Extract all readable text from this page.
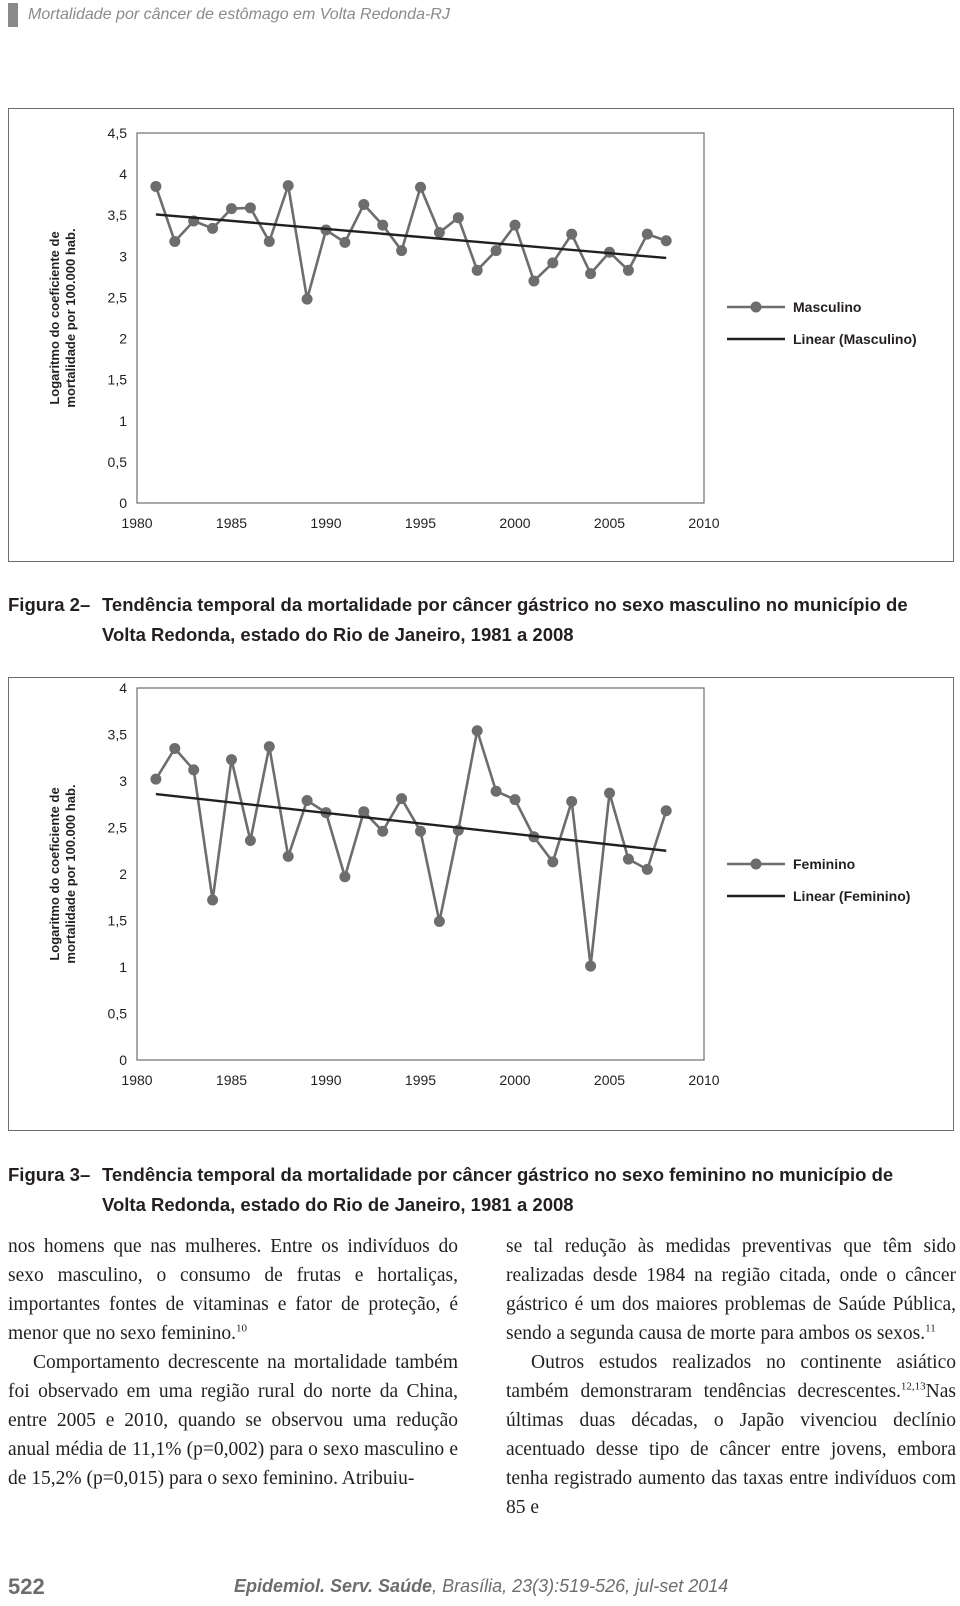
Mortalidade por câncer de estômago em Volta Redonda-RJ
Logaritmo do coeficiente de mortalidade por 100.000 hab.
0
0,5
1
1,5
2
2,5
3
3,5
4
4,5
1980	1985	1990	1995	2000	2005	2010
Masculino
Linear (Masculino)
Figura 2 – Tendência temporal da mortalidade por câncer gástrico no sexo masculino no município de Volta Redonda, estado do Rio de Janeiro, 1981 a 2008
Logaritmo do coeficiente de mortalidade por 100.000 hab.
0
0,5
1
1,5
2
2,5
3
3,5
4
1980	1985	1990	1995	2000	2005	2010
Feminino
Linear (Feminino)
Figura 3 – Tendência temporal da mortalidade por câncer gástrico no sexo feminino no município de Volta Redonda, estado do Rio de Janeiro, 1981 a 2008

nos homens que nas mulheres. Entre os indivíduos do sexo masculino, o consumo de frutas e hortaliças, importantes fontes de vitaminas e fator de proteção, é menor que no sexo feminino.$^{10}$

Comportamento decrescente na mortalidade também foi observado em uma região rural do norte da China, entre 2005 e 2010, quando se observou uma redução anual média de 11,1% (p=0,002) para o sexo masculino e de 15,2% (p=0,015) para o sexo feminino. Atribuiu-

se tal redução às medidas preventivas que têm sido realizadas desde 1984 na região citada, onde o câncer gástrico é um dos maiores problemas de Saúde Pública, sendo a segunda causa de morte para ambos os sexos.$^{11}$

Outros estudos realizados no continente asiático também demonstraram tendências decrescentes.$^{12,13}$Nas últimas duas décadas, o Japão vivenciou declínio acentuado desse tipo de câncer entre jovens, embora tenha registrado aumento das taxas entre indivíduos com 85 e

522	Epidemiol. Serv. Saúde, Brasília, 23(3):519-526, jul-set 2014
